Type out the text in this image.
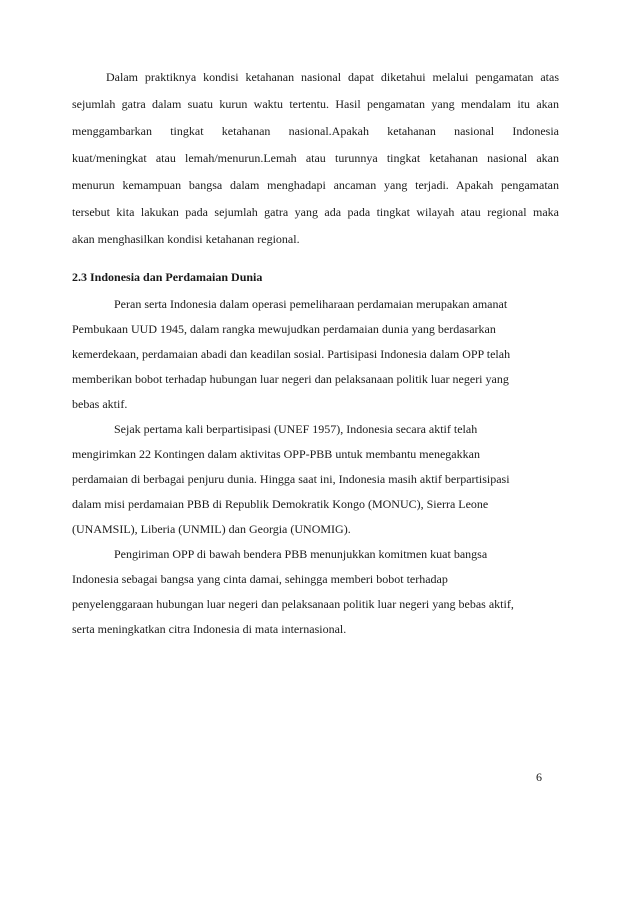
Dalam praktiknya kondisi ketahanan nasional dapat diketahui melalui pengamatan atas
sejumlah gatra dalam suatu kurun waktu tertentu. Hasil pengamatan yang mendalam itu akan
menggambarkan tingkat ketahanan nasional.Apakah ketahanan nasional Indonesia
kuat/meningkat atau lemah/menurun.Lemah atau turunnya tingkat ketahanan nasional akan
menurun kemampuan bangsa dalam menghadapi ancaman yang terjadi. Apakah pengamatan
tersebut kita lakukan pada sejumlah gatra yang ada pada tingkat wilayah atau regional maka
akan menghasilkan kondisi ketahanan regional.
2.3 Indonesia dan Perdamaian Dunia
Peran serta Indonesia dalam operasi pemeliharaan perdamaian merupakan amanat
Pembukaan UUD 1945, dalam rangka mewujudkan perdamaian dunia yang berdasarkan
kemerdekaan, perdamaian abadi dan keadilan sosial. Partisipasi Indonesia dalam OPP telah
memberikan bobot terhadap hubungan luar negeri dan pelaksanaan politik luar negeri yang
bebas aktif.
Sejak pertama kali berpartisipasi (UNEF 1957), Indonesia secara aktif telah
mengirimkan 22 Kontingen dalam aktivitas OPP-PBB untuk membantu menegakkan
perdamaian di berbagai penjuru dunia. Hingga saat ini, Indonesia masih aktif berpartisipasi
dalam misi perdamaian PBB di Republik Demokratik Kongo (MONUC), Sierra Leone
(UNAMSIL), Liberia (UNMIL) dan Georgia (UNOMIG).
Pengiriman OPP di bawah bendera PBB menunjukkan komitmen kuat bangsa
Indonesia sebagai bangsa yang cinta damai, sehingga memberi bobot terhadap
penyelenggaraan hubungan luar negeri dan pelaksanaan politik luar negeri yang bebas aktif,
serta meningkatkan citra Indonesia di mata internasional.
6
